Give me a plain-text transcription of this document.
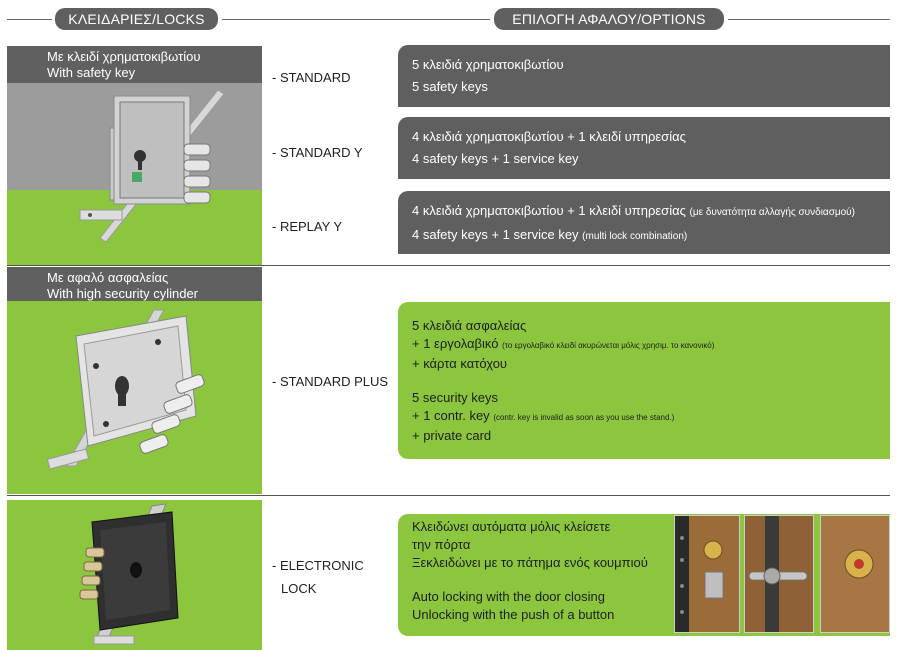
ΚΛΕΙΔΑΡΙΕΣ/LOCKS	ΕΠΙΛΟΓΗ ΑΦΑΛΟΥ/OPTIONS
Με κλειδί χρηματοκιβωτίου
With safety key	- STANDARD
- STANDARD Y
- REPLAY Y
5 κλειδιά χρηματοκιβωτίου
5 safety keys
4 κλειδιά χρηματοκιβωτίου + 1 κλειδί υπηρεσίας
4 safety keys + 1 service key
4 κλειδιά χρηματοκιβωτίου + 1 κλειδί υπηρεσίας (με δυνατότητα αλλαγής συνδιασμού)
4 safety keys + 1 service key (multi lock combination)
Με αφαλό ασφαλείας
With high security cylinder
- STANDARD PLUS
5 κλειδιά ασφαλείας
+ 1 εργολαβικό (το εργολαβικό κλειδί ακυρώνεται μόλις χρησιμ. το κανονικό)
+ κάρτα κατόχου
5 security keys
+ 1 contr. key (contr. key is invalid as soon as you use the stand.)
+ private card
- ELECTRONIC
LOCK
Κλειδώνει αυτόματα μόλις κλείσετε
την πόρτα
Ξεκλειδώνει με το πάτημα ενός κουμπιού
Auto locking with the door closing
Unlocking with the push of a button
